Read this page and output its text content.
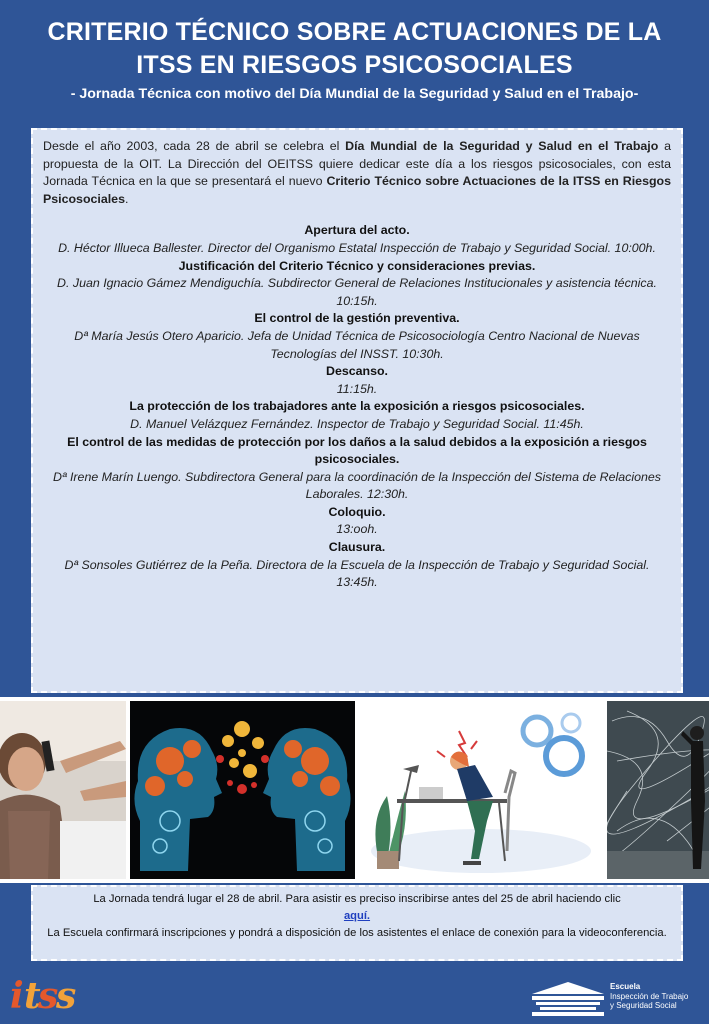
CRITERIO TÉCNICO SOBRE ACTUACIONES DE LA
ITSS EN RIESGOS PSICOSOCIALES
- Jornada Técnica con motivo del Día Mundial de la Seguridad y Salud en el Trabajo-

Desde el año 2003, cada 28 de abril se celebra el Día Mundial de la Seguridad y Salud en el Trabajo a propuesta de la OIT. La Dirección del OEITSS quiere dedicar este día a los riesgos psicosociales, con esta Jornada Técnica en la que se presentará el nuevo Criterio Técnico sobre Actuaciones de la ITSS en Riesgos Psicosociales.

Apertura del acto.
D. Héctor Illueca Ballester. Director del Organismo Estatal Inspección de Trabajo y Seguridad Social. 10:00h.
Justificación del Criterio Técnico y consideraciones previas.
D. Juan Ignacio Gámez Mendiguchía. Subdirector General de Relaciones Institucionales y asistencia técnica. 10:15h.
El control de la gestión preventiva.
Dª María Jesús Otero Aparicio. Jefa de Unidad Técnica de Psicosociología Centro Nacional de Nuevas Tecnologías del INSST. 10:30h.
Descanso.
11:15h.
La protección de los trabajadores ante la exposición a riesgos psicosociales.
D. Manuel Velázquez Fernández. Inspector de Trabajo y Seguridad Social. 11:45h.
El control de las medidas de protección por los daños a la salud debidos a la exposición a riesgos psicosociales.
Dª Irene Marín Luengo. Subdirectora General para la coordinación de la Inspección del Sistema de Relaciones Laborales. 12:30h.
Coloquio.
13:ooh.
Clausura.
Dª Sonsoles Gutiérrez de la Peña. Directora de la Escuela de la Inspección de Trabajo y Seguridad Social. 13:45h.
La Jornada tendrá lugar el 28 de abril. Para asistir es preciso inscribirse antes del 25 de abril haciendo clic
aquí.
La Escuela confirmará inscripciones y pondrá a disposición de los asistentes el enlace de conexión para la videoconferencia.
i t
s
s	Escuela
Inspección de Trabajo
y Seguridad Social
